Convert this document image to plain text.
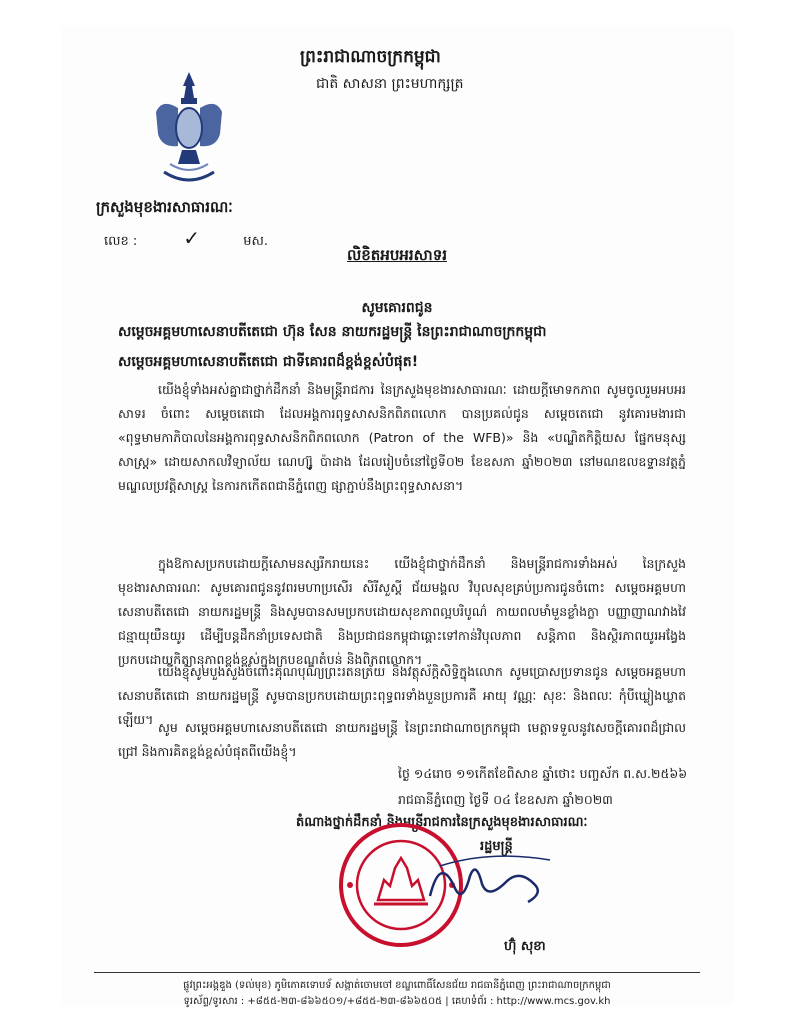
ព្រះរាជាណាចក្រកម្ពុជា
ជាតិ សាសនា ព្រះមហាក្សត្រ
ក្រសួងមុខងារសាធារណៈ
លេខ : ✓	មស.
លិខិតអបអរសាទរ
សូមគោរពជូន
សម្តេចអគ្គមហាសេនាបតីតេជោ ហ៊ុន សែន នាយករដ្ឋមន្ត្រី នៃព្រះរាជាណាចក្រកម្ពុជា
សម្តេចអគ្គមហាសេនាបតីតេជោ ជាទីគោរពដ៏ខ្ពង់ខ្ពស់បំផុត!
យើងខ្ញុំទាំងអស់គ្នាជាថ្នាក់ដឹកនាំ និងមន្ត្រីរាជការ នៃក្រសួងមុខងារសាធារណៈ ដោយក្ដីមោទកភាព សូមចូលរួមអបអរសាទរ ចំពោះ សម្តេចតេជោ ដែលអង្គការពុទ្ធសាសនិកពិភពលោក បានប្រគល់ជូន សម្តេចតេជោ នូវគោរមងារជា «ពុទ្ធមាមកាភិបាលនៃអង្គការពុទ្ធសាសនិកពិភពលោក (Patron of the WFB)» និង «បណ្ឌិតកិត្តិយស ផ្នែកមនុស្សសាស្ត្រ» ដោយសាកលវិទ្យាល័យ ណេហ្ស៊ូ ប៉ាដាង ដែលរៀបចំនៅថ្ងៃទី០២ ខែឧសភា ឆ្នាំ២០២៣ នៅមណឌលឧទ្ទានវត្តភ្នំមណ្ឌលប្រវត្តិសាស្ត្រ នៃការកកើតពជានីភ្នំពេញ ផ្សាភ្ជាប់នឹងព្រះពុទ្ធសាសនា។
ក្នុងឱកាសប្រកបដោយក្ដីសោមនស្សរីករាយនេះ យើងខ្ញុំជាថ្នាក់ដឹកនាំ និងមន្ត្រីរាជការទាំងអស់ នៃក្រសួងមុខងារសាធារណៈ សូមគោរពជូននូវពរមហាប្រសើរ សិរីសួស្តី ជ័យមង្គល វិបុលសុខគ្រប់ប្រការជូនចំពោះ សម្តេចអគ្គមហាសេនាបតីតេជោ នាយករដ្ឋមន្ត្រី និងសូមបានសមប្រកបដោយសុខភាពល្អបរិបូណ៌ កាយពលមាំមួនខ្លាំងក្លា បញ្ញាញាណវាងវៃ ជន្មាយុយឺនយូរ ដើម្បីបន្តដឹកនាំប្រទេសជាតិ និងប្រជាជនកម្ពុជាឆ្ពោះទៅកាន់វិបុលភាព សន្តិភាព និងស្ថិរភាពយូរអង្វែង ប្រកបដោយកិត្យានុភាពខ្ពង់ខ្ពស់ក្នុងក្របខណ្ឌតំបន់ និងពិភពលោក។
យើងខ្ញុំសូមបួងសួងចំពោះគុណបុណ្យព្រះរតនត្រ័យ និងវត្ថុស័ក្ដិសិទ្ធិក្នុងលោក សូមប្រោសប្រទានជូន សម្តេចអគ្គមហាសេនាបតីតេជោ នាយករដ្ឋមន្ត្រី សូមបានប្រកបដោយព្រះពុទ្ធពរទាំងបួនប្រការគឺ អាយុ វណ្ណៈ សុខៈ និងពលៈ កុំបីឃ្លៀងឃ្លាតឡើយ។
សូម សម្តេចអគ្គមហាសេនាបតីតេជោ នាយករដ្ឋមន្ត្រី នៃព្រះរាជាណាចក្រកម្ពុជា មេត្តាទទួលនូវសេចក្ដីគោរពដ៏ជ្រាលជ្រៅ និងការគិតខ្ពង់ខ្ពស់បំផុតពីយើងខ្ញុំ។
ថ្ងៃ ១៤រោច ១១កើតខែពិសាខ ឆ្នាំថោះ បញ្ចស័ក ព.ស.២៥៦៦
រាជធានីភ្នំពេញ ថ្ងៃទី ០៤ ខែឧសភា ឆ្នាំ២០២៣
តំណាងថ្នាក់ដឹកនាំ និងមន្ត្រីរាជការនៃក្រសួងមុខងារសាធារណៈ
រដ្ឋមន្ត្រី
ហ៊ុំ សុខា
ផ្លូវព្រះអង្គឌួង (ទល់មុខ) ភូមិភោគទោបទ័ សង្កាត់ចោមចៅ ខណ្ឌពោធិ៍សែនជ័យ រាជធានីភ្នំពេញ ព្រះរាជាណាចក្រកម្ពុជា
ទូរស័ព្ទ/ទូរសារ : +៨៥៥-២៣-៨៦៦៥០១/+៨៥៥-២៣-៨៦៦៥០៥ | គេហទំព័រ : http://www.mcs.gov.kh
